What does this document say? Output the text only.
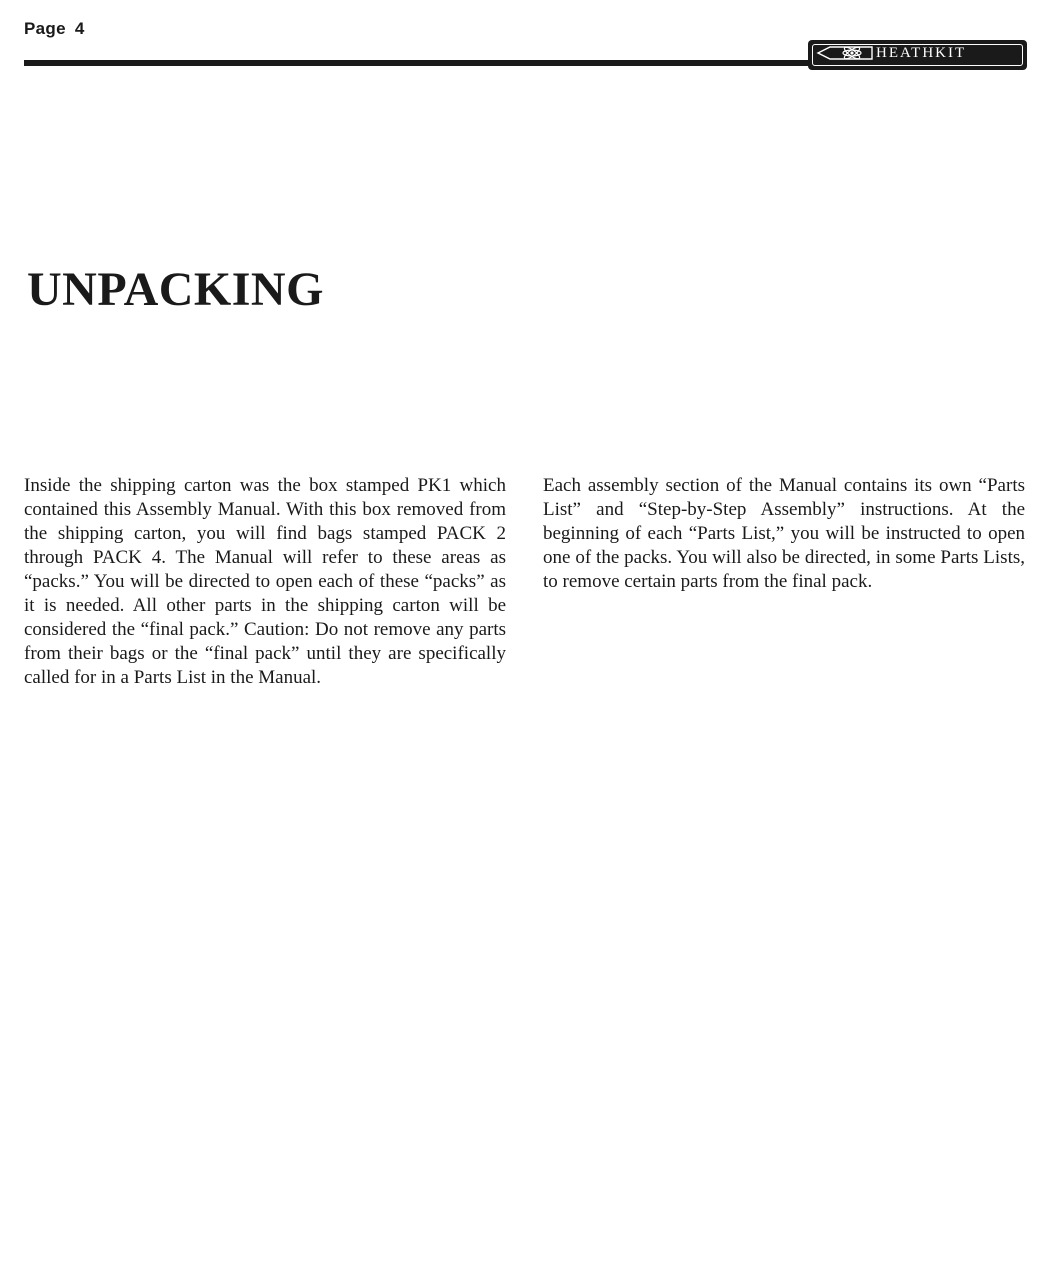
Page 4
HEATHKIT
UNPACKING

Inside the shipping carton was the box stamped PK1 which contained this Assembly Manual. With this box removed from the shipping carton, you will find bags stamped PACK 2 through PACK 4. The Manual will refer to these areas as “packs.” You will be directed to open each of these “packs” as it is needed. All other parts in the shipping carton will be considered the “final pack.” Caution: Do not remove any parts from their bags or the “final pack” until they are specifically called for in a Parts List in the Manual.

Each assembly section of the Manual contains its own “Parts List” and “Step-by-Step Assembly” instructions. At the beginning of each “Parts List,” you will be instructed to open one of the packs. You will also be directed, in some Parts Lists, to remove certain parts from the final pack.
